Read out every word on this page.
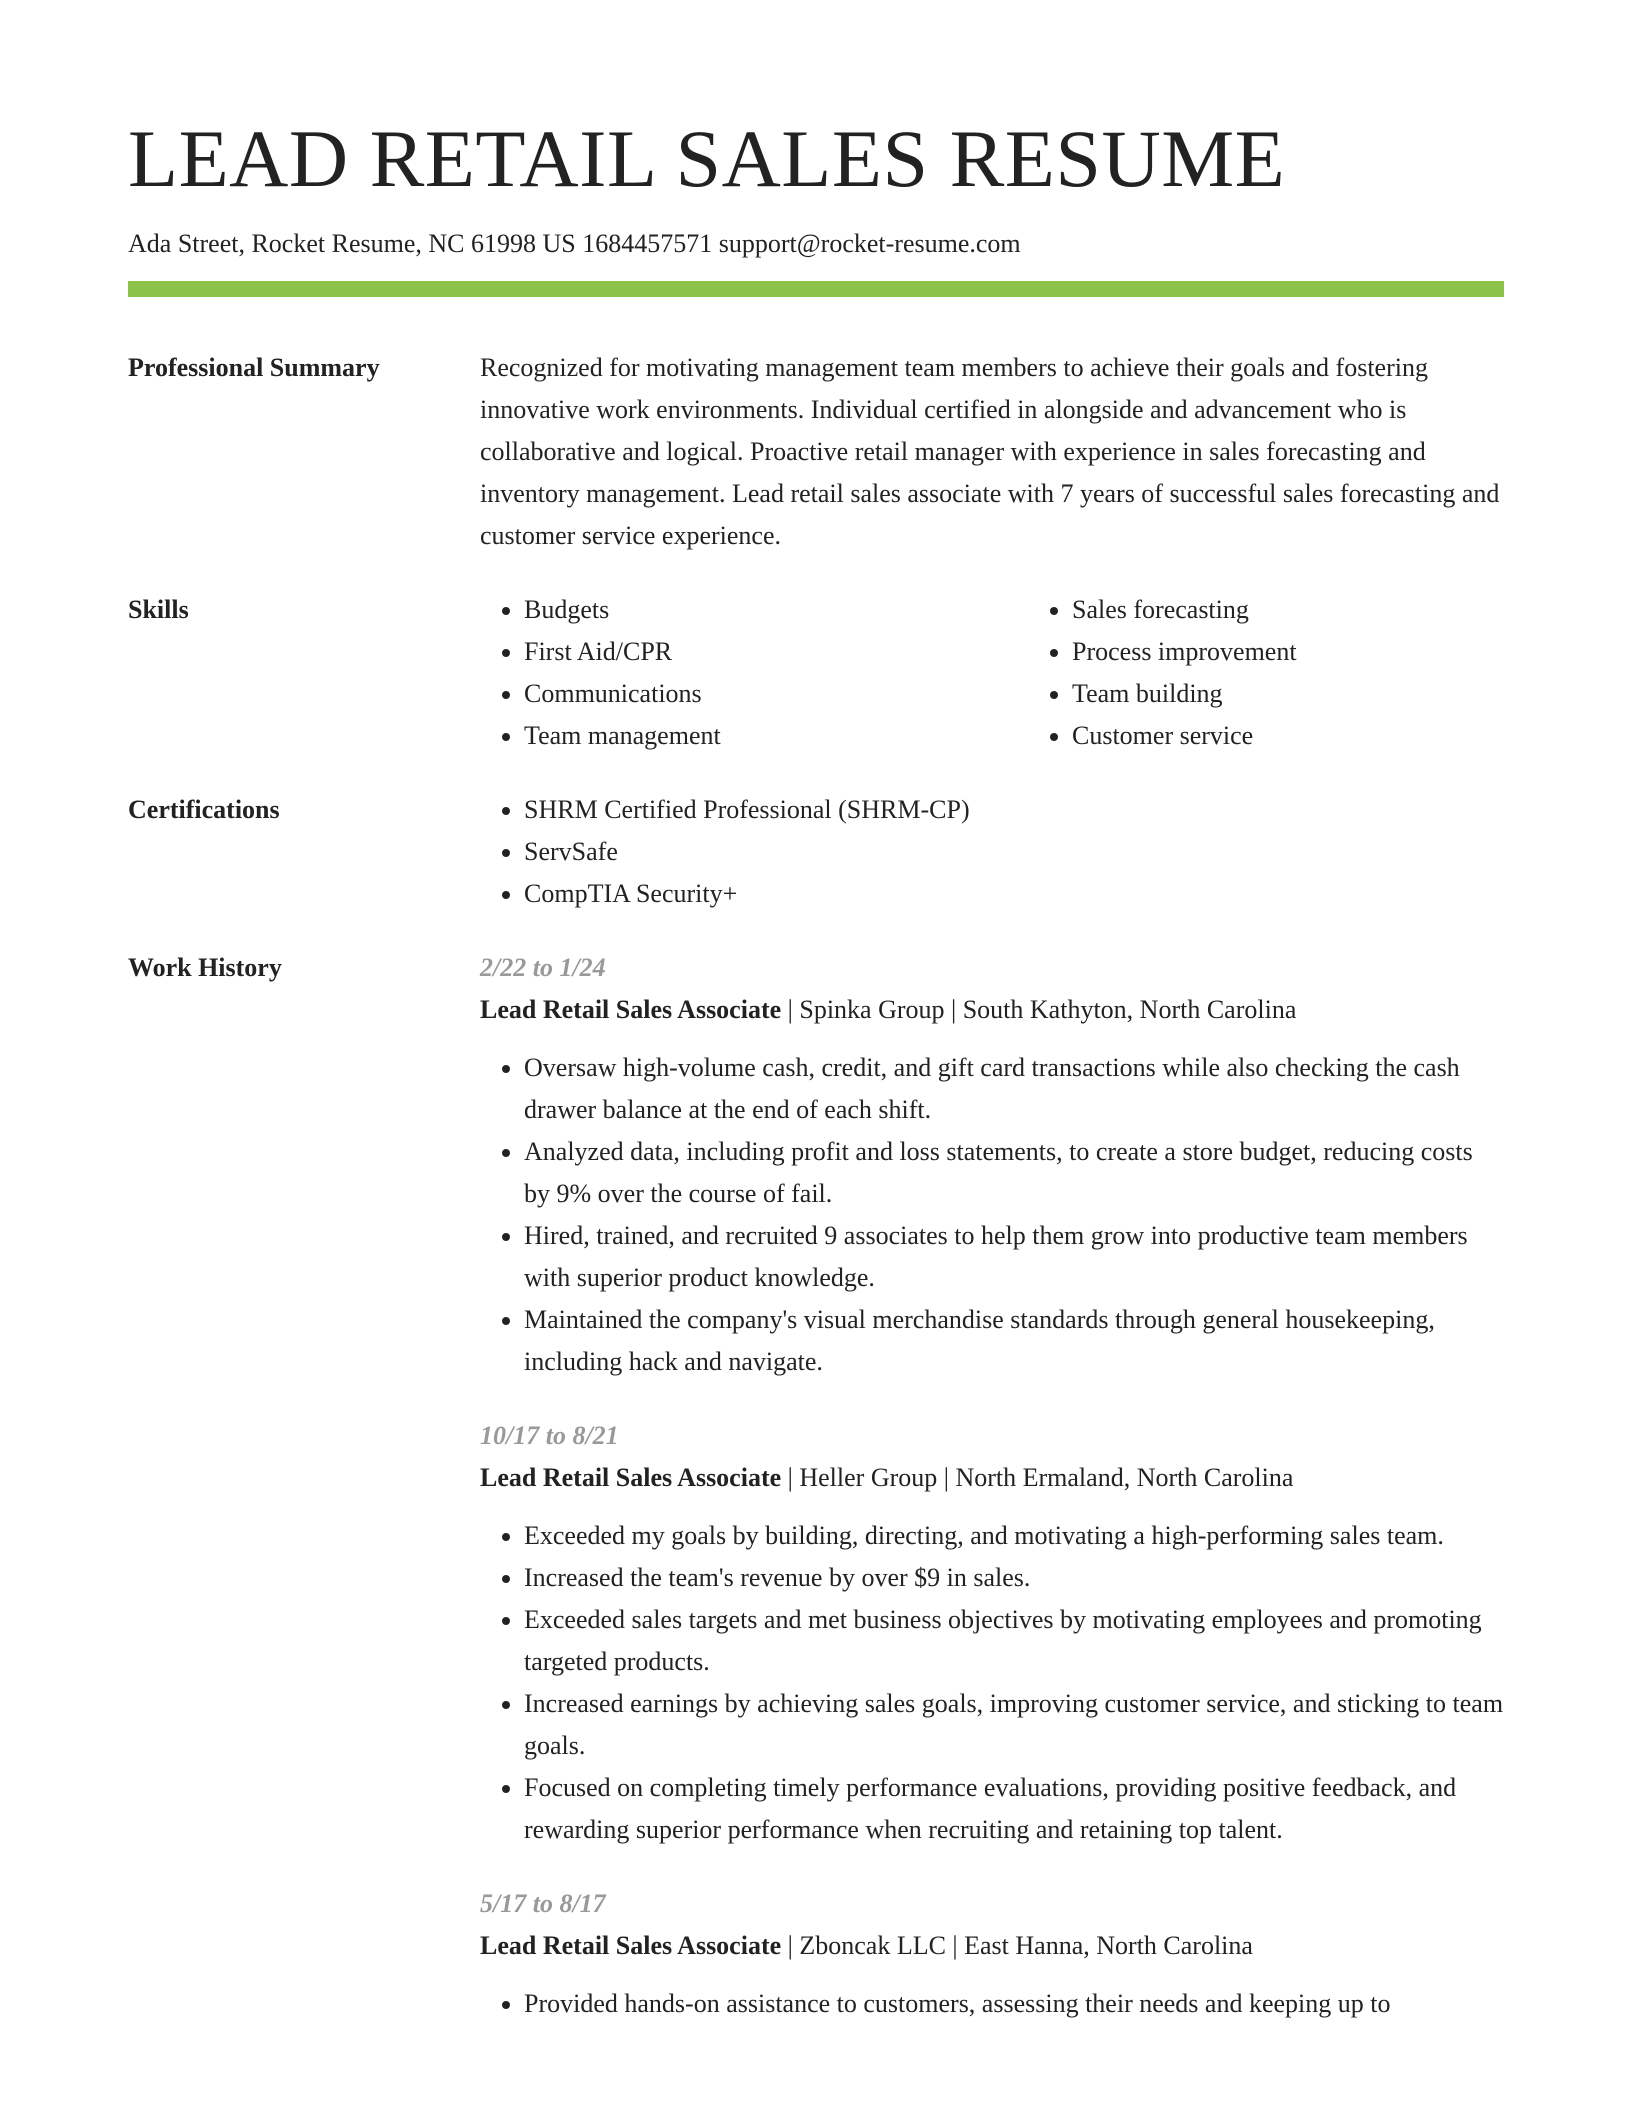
LEAD RETAIL SALES RESUME
Ada Street, Rocket Resume, NC 61998 US 1684457571 support@rocket-resume.com
Professional Summary	Recognized for motivating management team members to achieve their goals and fostering innovative work environments. Individual certified in alongside and advancement who is collaborative and logical. Proactive retail manager with experience in sales forecasting and inventory management. Lead retail sales associate with 7 years of successful sales forecasting and customer service experience.
Skills	• Budgets
• First Aid/CPR
• Communications
• Team management
• Sales forecasting
• Process improvement
• Team building
• Customer service
Certifications	• SHRM Certified Professional (SHRM-CP)
• ServSafe
• CompTIA Security+
Work History	2/22 to 1/24
Lead Retail Sales Associate | Spinka Group | South Kathyton, North Carolina
• Oversaw high-volume cash, credit, and gift card transactions while also checking the cash drawer balance at the end of each shift.
• Analyzed data, including profit and loss statements, to create a store budget, reducing costs by 9% over the course of fail.
• Hired, trained, and recruited 9 associates to help them grow into productive team members with superior product knowledge.
• Maintained the company's visual merchandise standards through general housekeeping, including hack and navigate.
10/17 to 8/21
Lead Retail Sales Associate | Heller Group | North Ermaland, North Carolina
• Exceeded my goals by building, directing, and motivating a high-performing sales team.
• Increased the team's revenue by over $9 in sales.
• Exceeded sales targets and met business objectives by motivating employees and promoting targeted products.
• Increased earnings by achieving sales goals, improving customer service, and sticking to team goals.
• Focused on completing timely performance evaluations, providing positive feedback, and rewarding superior performance when recruiting and retaining top talent.
5/17 to 8/17
Lead Retail Sales Associate | Zboncak LLC | East Hanna, North Carolina
• Provided hands-on assistance to customers, assessing their needs and keeping up to
